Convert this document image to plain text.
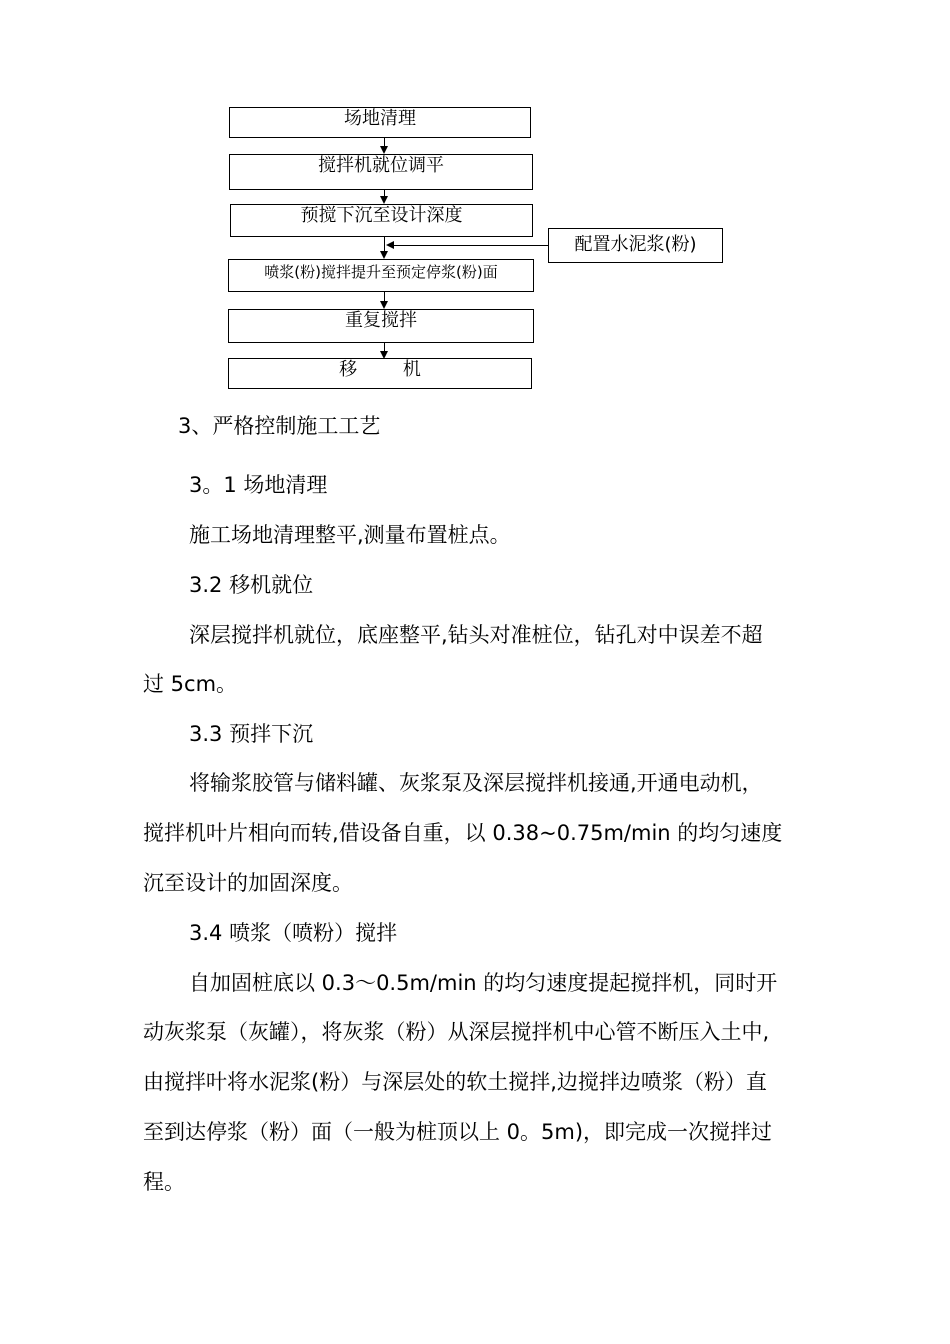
场地清理
搅拌机就位调平
预搅下沉至设计深度
配置水泥浆(粉)
喷浆(粉)搅拌提升至预定停浆(粉)面
重复搅拌
移        机
3、严格控制施工工艺
3。1 场地清理
施工场地清理整平,测量布置桩点。
3.2 移机就位
深层搅拌机就位，底座整平,钻头对准桩位，钻孔对中误差不超
过 5cm。
3.3 预拌下沉
将输浆胶管与储料罐、灰浆泵及深层搅拌机接通,开通电动机，
搅拌机叶片相向而转,借设备自重，以 0.38~0.75m/min 的均匀速度
沉至设计的加固深度。
3.4 喷浆（喷粉）搅拌
自加固桩底以 0.3～0.5m/min 的均匀速度提起搅拌机，同时开
动灰浆泵（灰罐），将灰浆（粉）从深层搅拌机中心管不断压入土中,
由搅拌叶将水泥浆(粉）与深层处的软土搅拌,边搅拌边喷浆（粉）直
至到达停浆（粉）面（一般为桩顶以上 0。5m)，即完成一次搅拌过
程。
